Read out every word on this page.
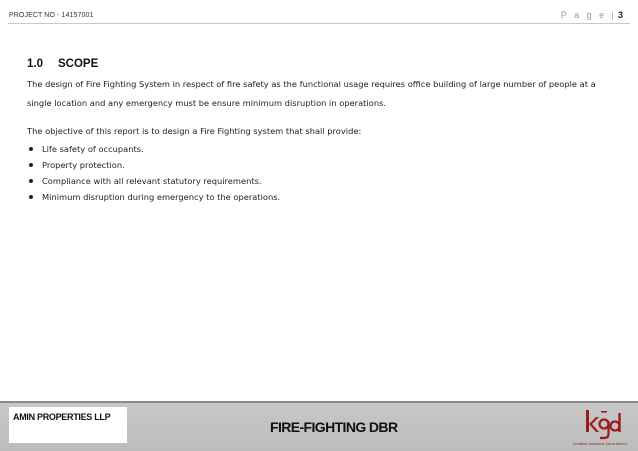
PROJECT NO - 14157001	P a g e | 3
1.0 SCOPE

The design of Fire Fighting System in respect of fire safety as the functional usage requires office building of large number of people at a single location and any emergency must be ensure minimum disruption in operations.

The objective of this report is to design a Fire Fighting system that shall provide:

Life safety of occupants.
Property protection.
Compliance with all relevant statutory requirements.
Minimum disruption during emergency to the operations.
AMIN PROPERTIES LLP
FIRE-FIGHTING DBR
Creative Solutions Consultancy
